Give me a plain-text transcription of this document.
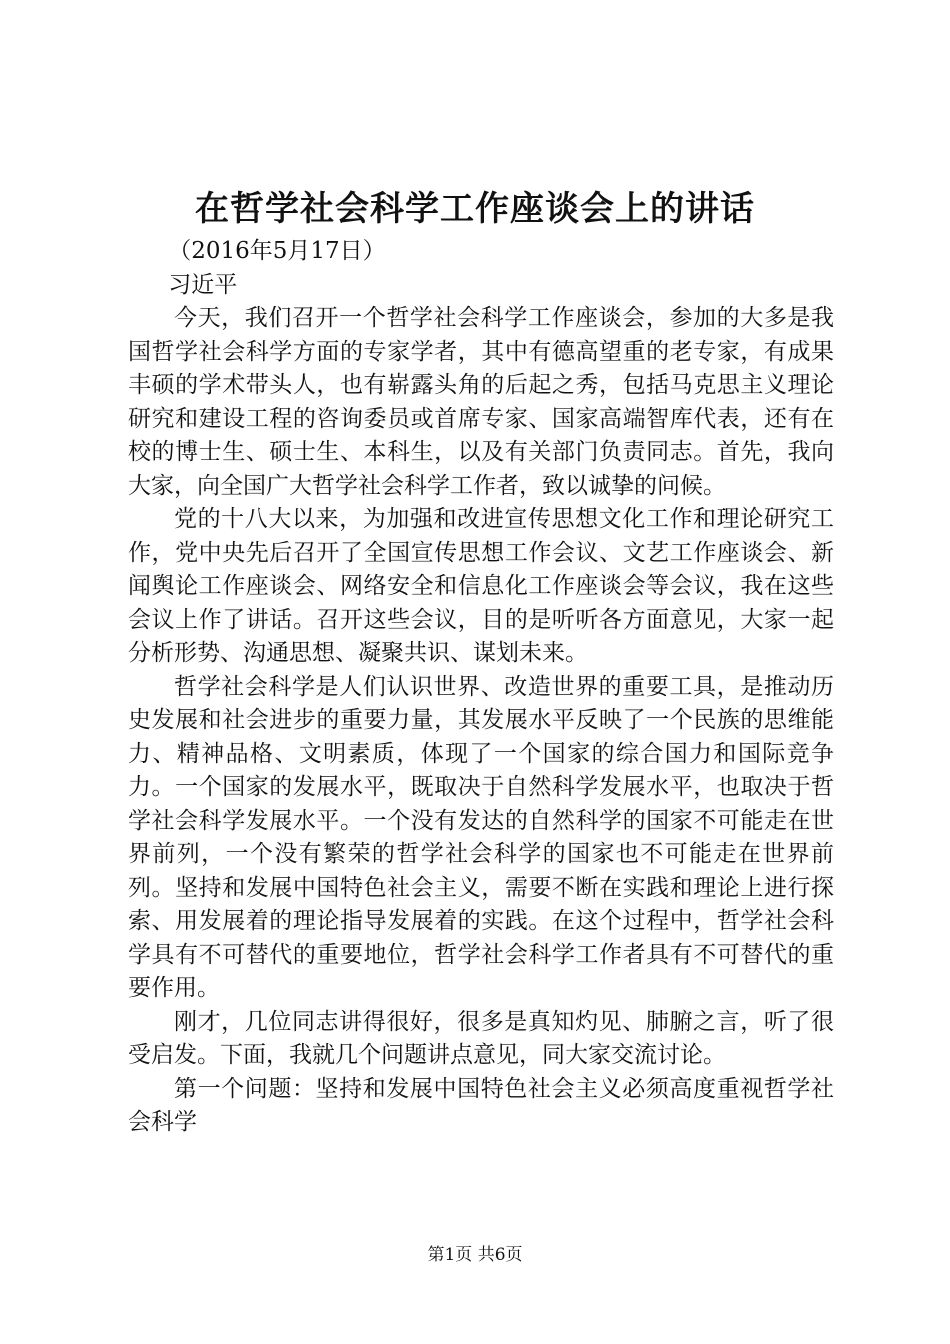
在哲学社会科学工作座谈会上的讲话

（2016年5月17日）

习近平

今天，我们召开一个哲学社会科学工作座谈会，参加的大多是我国哲学社会科学方面的专家学者，其中有德高望重的老专家，有成果丰硕的学术带头人，也有崭露头角的后起之秀，包括马克思主义理论研究和建设工程的咨询委员或首席专家、国家高端智库代表，还有在校的博士生、硕士生、本科生，以及有关部门负责同志。首先，我向大家，向全国广大哲学社会科学工作者，致以诚挚的问候。

党的十八大以来，为加强和改进宣传思想文化工作和理论研究工作，党中央先后召开了全国宣传思想工作会议、文艺工作座谈会、新闻舆论工作座谈会、网络安全和信息化工作座谈会等会议，我在这些会议上作了讲话。召开这些会议，目的是听听各方面意见，大家一起分析形势、沟通思想、凝聚共识、谋划未来。

哲学社会科学是人们认识世界、改造世界的重要工具，是推动历史发展和社会进步的重要力量，其发展水平反映了一个民族的思维能力、精神品格、文明素质，体现了一个国家的综合国力和国际竞争力。一个国家的发展水平，既取决于自然科学发展水平，也取决于哲学社会科学发展水平。一个没有发达的自然科学的国家不可能走在世界前列，一个没有繁荣的哲学社会科学的国家也不可能走在世界前列。坚持和发展中国特色社会主义，需要不断在实践和理论上进行探索、用发展着的理论指导发展着的实践。在这个过程中，哲学社会科学具有不可替代的重要地位，哲学社会科学工作者具有不可替代的重要作用。

刚才，几位同志讲得很好，很多是真知灼见、肺腑之言，听了很受启发。下面，我就几个问题讲点意见，同大家交流讨论。

第一个问题：坚持和发展中国特色社会主义必须高度重视哲学社会科学

第1页 共6页
